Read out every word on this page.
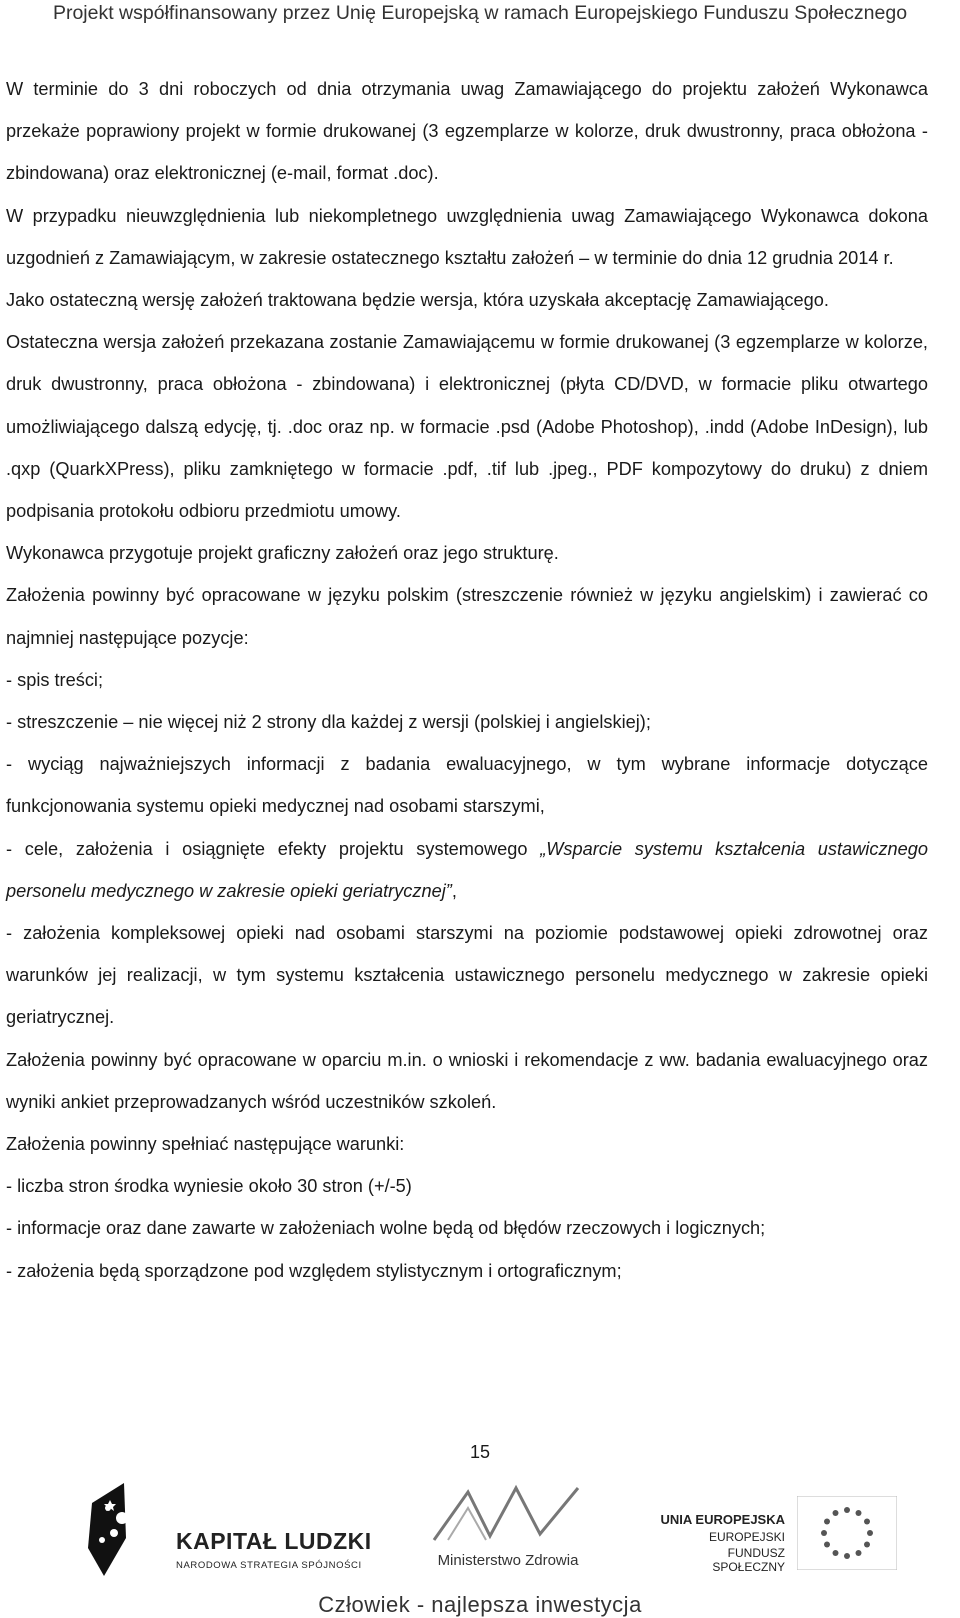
Projekt współfinansowany przez Unię Europejską w ramach Europejskiego Funduszu Społecznego

W terminie do 3 dni roboczych od dnia otrzymania uwag Zamawiającego do projektu założeń Wykonawca przekaże poprawiony projekt w formie drukowanej (3 egzemplarze w kolorze, druk dwustronny, praca obłożona - zbindowana) oraz elektronicznej (e-mail, format .doc).

W przypadku nieuwzględnienia lub niekompletnego uwzględnienia uwag Zamawiającego Wykonawca dokona uzgodnień z Zamawiającym, w zakresie ostatecznego kształtu założeń – w terminie do dnia 12 grudnia 2014 r.

Jako ostateczną wersję założeń traktowana będzie wersja, która uzyskała akceptację Zamawiającego.

Ostateczna wersja założeń przekazana zostanie Zamawiającemu w formie drukowanej (3 egzemplarze w kolorze, druk dwustronny, praca obłożona - zbindowana) i elektronicznej (płyta CD/DVD, w formacie pliku otwartego umożliwiającego dalszą edycję, tj. .doc oraz np. w formacie .psd (Adobe Photoshop), .indd (Adobe InDesign), lub .qxp (QuarkXPress), pliku zamkniętego w formacie .pdf, .tif lub .jpeg., PDF kompozytowy do druku) z dniem podpisania protokołu odbioru przedmiotu umowy.

Wykonawca przygotuje projekt graficzny założeń oraz jego strukturę.

Założenia powinny być opracowane w języku polskim (streszczenie również w języku angielskim) i zawierać co najmniej następujące pozycje:

- spis treści;

- streszczenie – nie więcej niż 2 strony dla każdej z wersji (polskiej i angielskiej);

- wyciąg najważniejszych informacji z badania ewaluacyjnego, w tym wybrane informacje dotyczące funkcjonowania systemu opieki medycznej nad osobami starszymi,

- cele, założenia i osiągnięte efekty projektu systemowego „Wsparcie systemu kształcenia ustawicznego personelu medycznego w zakresie opieki geriatrycznej”,

- założenia kompleksowej opieki nad osobami starszymi na poziomie podstawowej opieki zdrowotnej oraz warunków jej realizacji, w tym systemu kształcenia ustawicznego personelu medycznego w zakresie opieki geriatrycznej.

Założenia powinny być opracowane w oparciu m.in. o wnioski i rekomendacje z ww. badania ewaluacyjnego oraz wyniki ankiet przeprowadzanych wśród uczestników szkoleń.

Założenia powinny spełniać następujące warunki:

- liczba stron środka wyniesie około 30 stron (+/-5)

- informacje oraz dane zawarte w założeniach wolne będą od błędów rzeczowych i logicznych;

- założenia będą sporządzone pod względem stylistycznym i ortograficznym;

15
KAPITAŁ LUDZKI
NARODOWA STRATEGIA SPÓJNOŚCI	Ministerstwo Zdrowia
UNIA EUROPEJSKA
EUROPEJSKI
FUNDUSZ SPOŁECZNY
Człowiek - najlepsza inwestycja
